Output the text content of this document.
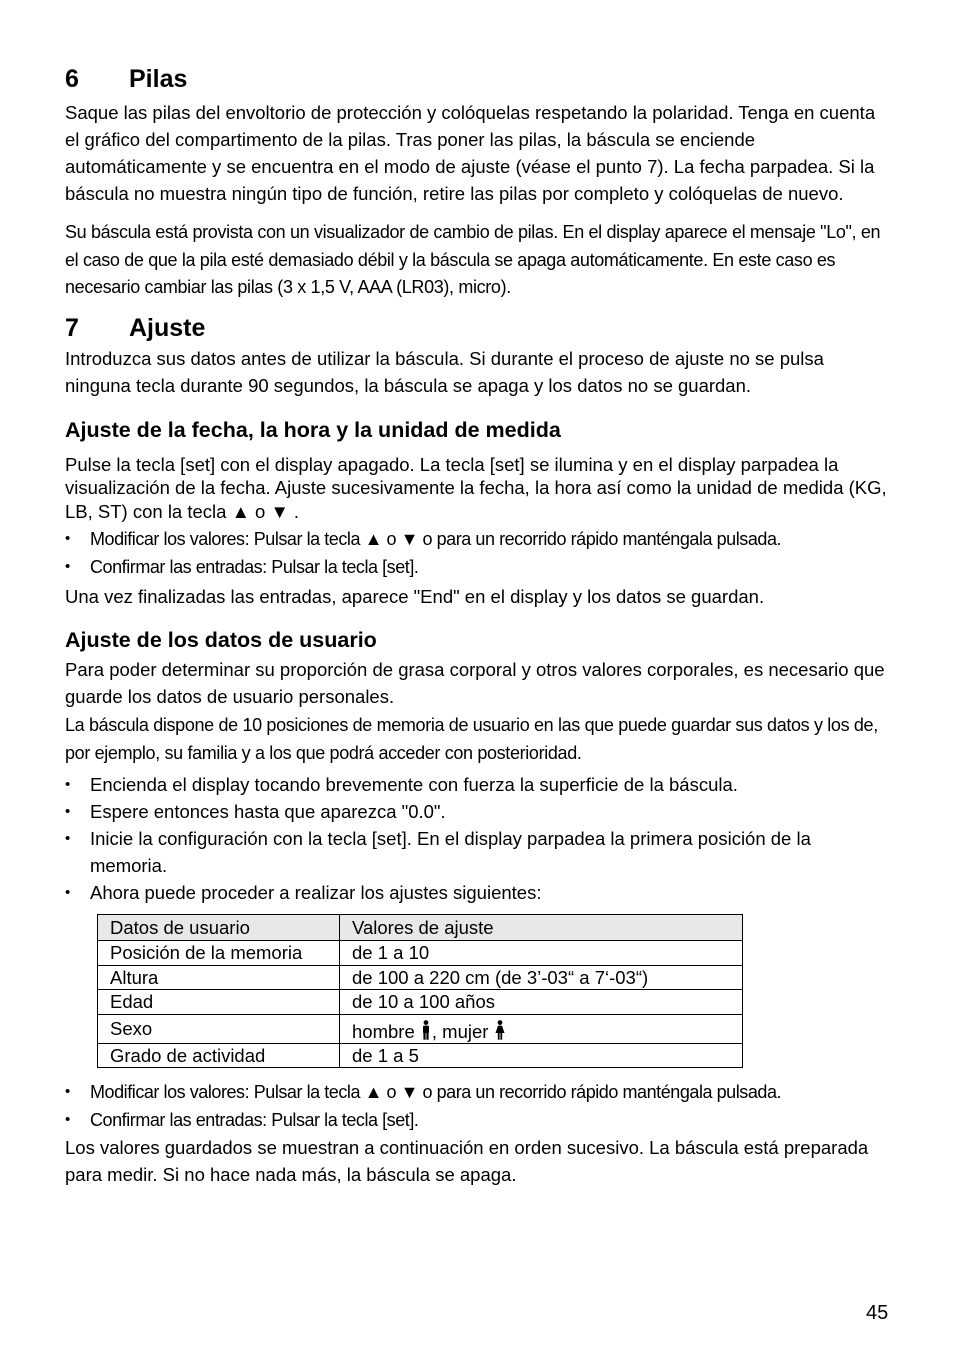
6 Pilas

Saque las pilas del envoltorio de protección y colóquelas respetando la polaridad. Tenga en cuenta el gráfico del compartimento de la pilas. Tras poner las pilas, la báscula se enciende automáticamente y se encuentra en el modo de ajuste (véase el punto 7). La fecha parpadea. Si la báscula no muestra ningún tipo de función, retire las pilas por completo y colóquelas de nuevo.

Su báscula está provista con un visualizador de cambio de pilas. En el display aparece el mensaje "Lo", en el caso de que la pila esté demasiado débil y la báscula se apaga automáticamente. En este caso es necesario cambiar las pilas (3 x 1,5 V, AAA (LR03), micro).

7 Ajuste

Introduzca sus datos antes de utilizar la báscula. Si durante el proceso de ajuste no se pulsa ninguna tecla durante 90 segundos, la báscula se apaga y los datos no se guardan.

Ajuste de la fecha, la hora y la unidad de medida

Pulse la tecla [set] con el display apagado. La tecla [set] se ilumina y en el display parpadea la visualización de la fecha. Ajuste sucesivamente la fecha, la hora así como la unidad de medida (KG, LB, ST) con la tecla ▲ o ▼ .

• Modificar los valores: Pulsar la tecla ▲ o ▼ o para un recorrido rápido manténgala pulsada.
• Confirmar las entradas: Pulsar la tecla [set].

Una vez finalizadas las entradas, aparece "End" en el display y los datos se guardan.

Ajuste de los datos de usuario

Para poder determinar su proporción de grasa corporal y otros valores corporales, es necesario que guarde los datos de usuario personales.

La báscula dispone de 10 posiciones de memoria de usuario en las que puede guardar sus datos y los de, por ejemplo, su familia y a los que podrá acceder con posterioridad.

• Encienda el display tocando brevemente con fuerza la superficie de la báscula.
• Espere entonces hasta que aparezca "0.0".
• Inicie la configuración con la tecla [set]. En el display parpadea la primera posición de la memoria.
• Ahora puede proceder a realizar los ajustes siguientes:
Datos de usuario	Valores de ajuste
Posición de la memoria	de 1 a 10
Altura	de 100 a 220 cm (de 3’-03“ a 7‘-03“)
Edad	de 10 a 100 años
Sexo	hombre , mujer
Grado de actividad	de 1 a 5
• Modificar los valores: Pulsar la tecla ▲ o ▼ o para un recorrido rápido manténgala pulsada.
• Confirmar las entradas: Pulsar la tecla [set].

Los valores guardados se muestran a continuación en orden sucesivo. La báscula está preparada para medir. Si no hace nada más, la báscula se apaga.

45
